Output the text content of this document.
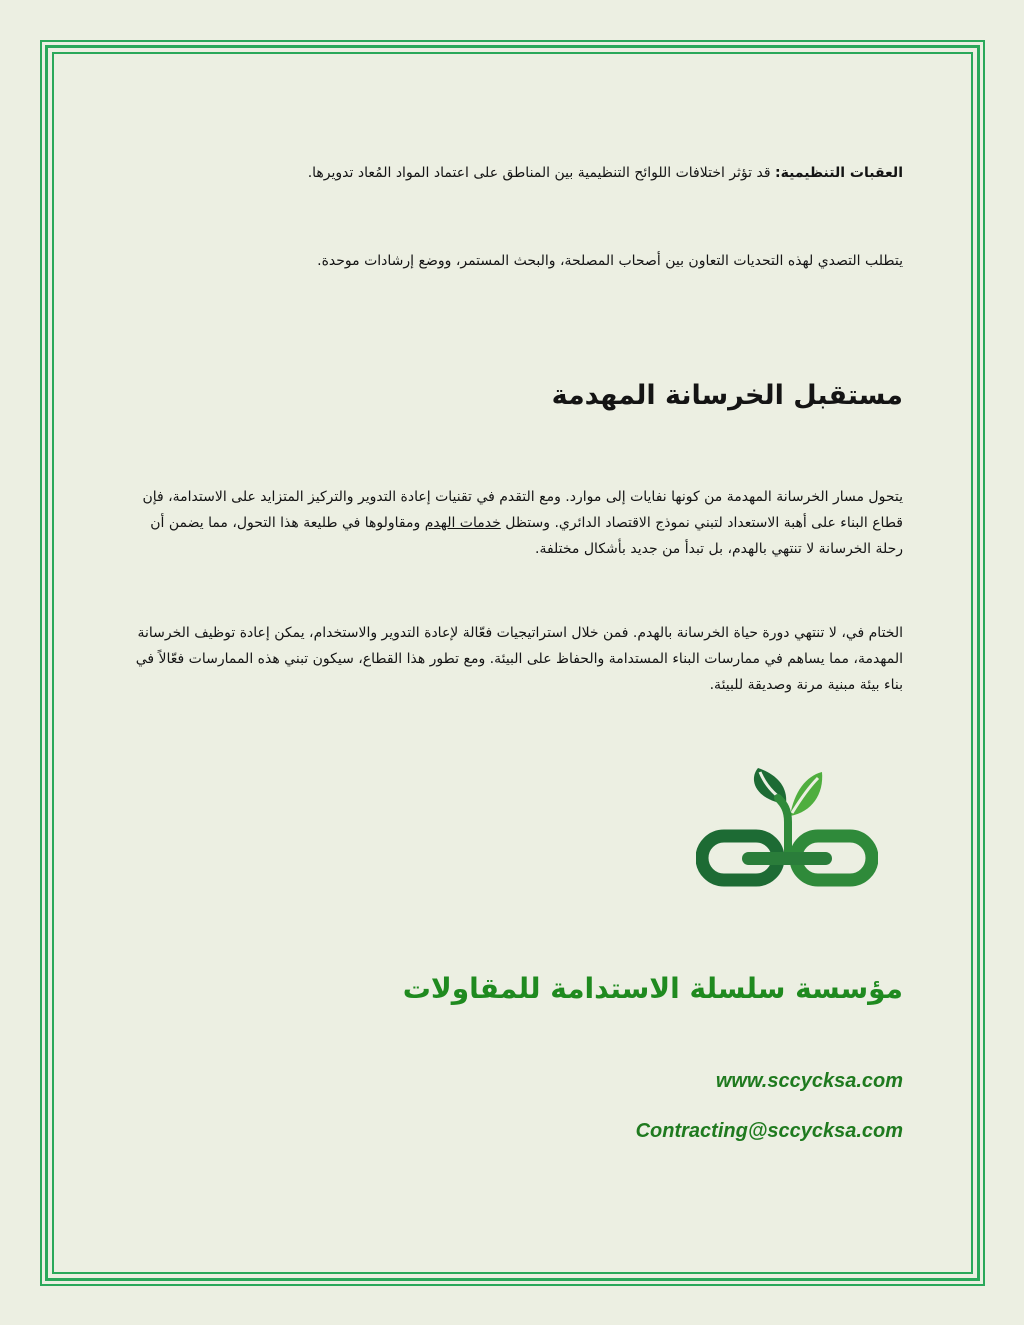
العقبات التنظيمية: قد تؤثر اختلافات اللوائح التنظيمية بين المناطق على اعتماد المواد المُعاد تدويرها.

يتطلب التصدي لهذه التحديات التعاون بين أصحاب المصلحة، والبحث المستمر، ووضع إرشادات موحدة.

مستقبل الخرسانة المهدمة

يتحول مسار الخرسانة المهدمة من كونها نفايات إلى موارد. ومع التقدم في تقنيات إعادة التدوير والتركيز المتزايد على الاستدامة، فإن قطاع البناء على أهبة الاستعداد لتبني نموذج الاقتصاد الدائري. وستظل خدمات الهدم ومقاولوها في طليعة هذا التحول، مما يضمن أن رحلة الخرسانة لا تنتهي بالهدم، بل تبدأ من جديد بأشكال مختلفة.

الختام في، لا تنتهي دورة حياة الخرسانة بالهدم. فمن خلال استراتيجيات فعّالة لإعادة التدوير والاستخدام، يمكن إعادة توظيف الخرسانة المهدمة، مما يساهم في ممارسات البناء المستدامة والحفاظ على البيئة. ومع تطور هذا القطاع، سيكون تبني هذه الممارسات فعّالاً في بناء بيئة مبنية مرنة وصديقة للبيئة.

مؤسسة سلسلة الاستدامة للمقاولات
www.sccycksa.com
Contracting@sccycksa.com
